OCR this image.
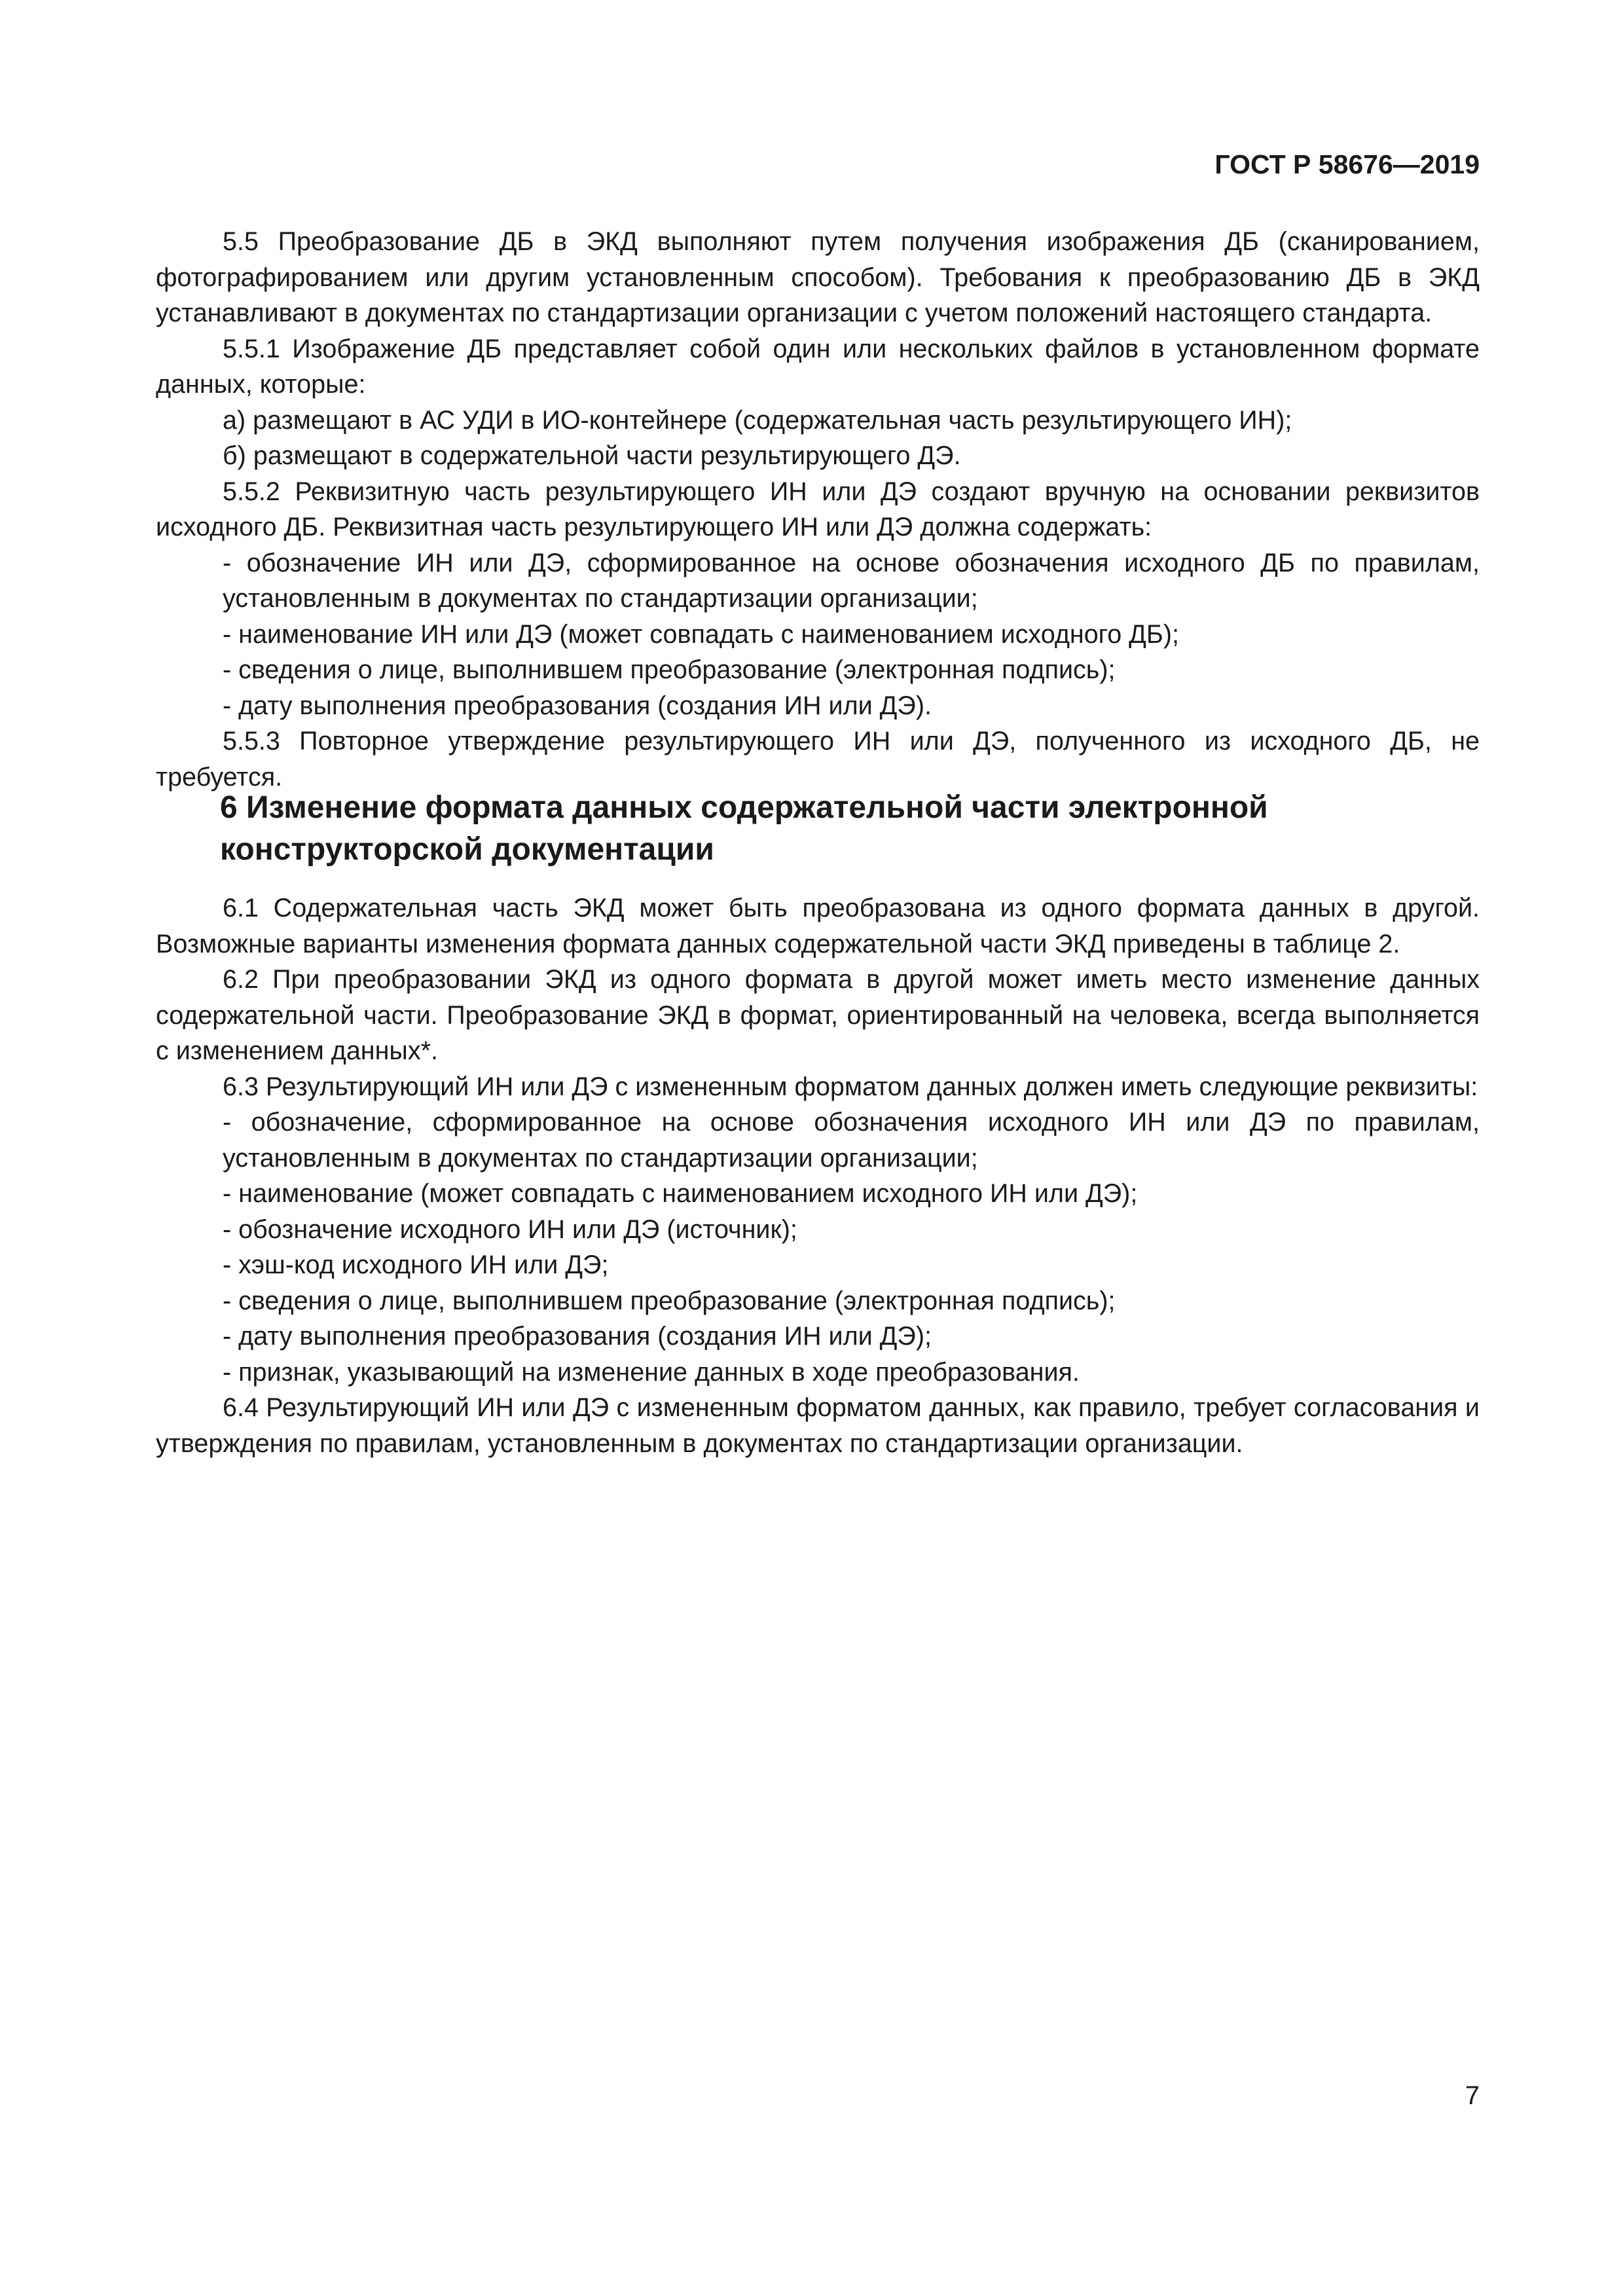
ГОСТ Р 58676—2019

5.5 Преобразование ДБ в ЭКД выполняют путем получения изображения ДБ (сканированием, фотографированием или другим установленным способом). Требования к преобразованию ДБ в ЭКД устанавливают в документах по стандартизации организации с учетом положений настоящего стандарта.

5.5.1 Изображение ДБ представляет собой один или нескольких файлов в установленном формате данных, которые:

а) размещают в АС УДИ в ИО-контейнере (содержательная часть результирующего ИН);

б) размещают в содержательной части результирующего ДЭ.

5.5.2 Реквизитную часть результирующего ИН или ДЭ создают вручную на основании реквизитов исходного ДБ. Реквизитная часть результирующего ИН или ДЭ должна содержать:

- обозначение ИН или ДЭ, сформированное на основе обозначения исходного ДБ по правилам, установленным в документах по стандартизации организации;

- наименование ИН или ДЭ (может совпадать с наименованием исходного ДБ);

- сведения о лице, выполнившем преобразование (электронная подпись);

- дату выполнения преобразования (создания ИН или ДЭ).

5.5.3 Повторное утверждение результирующего ИН или ДЭ, полученного из исходного ДБ, не требуется.

6 Изменение формата данных содержательной части электронной
конструкторской документации

6.1 Содержательная часть ЭКД может быть преобразована из одного формата данных в другой. Возможные варианты изменения формата данных содержательной части ЭКД приведены в таблице 2.

6.2 При преобразовании ЭКД из одного формата в другой может иметь место изменение данных содержательной части. Преобразование ЭКД в формат, ориентированный на человека, всегда выполняется с изменением данных*.

6.3 Результирующий ИН или ДЭ с измененным форматом данных должен иметь следующие реквизиты:

- обозначение, сформированное на основе обозначения исходного ИН или ДЭ по правилам, установленным в документах по стандартизации организации;

- наименование (может совпадать с наименованием исходного ИН или ДЭ);

- обозначение исходного ИН или ДЭ (источник);

- хэш-код исходного ИН или ДЭ;

- сведения о лице, выполнившем преобразование (электронная подпись);

- дату выполнения преобразования (создания ИН или ДЭ);

- признак, указывающий на изменение данных в ходе преобразования.

6.4 Результирующий ИН или ДЭ с измененным форматом данных, как правило, требует согласования и утверждения по правилам, установленным в документах по стандартизации организации.

7
